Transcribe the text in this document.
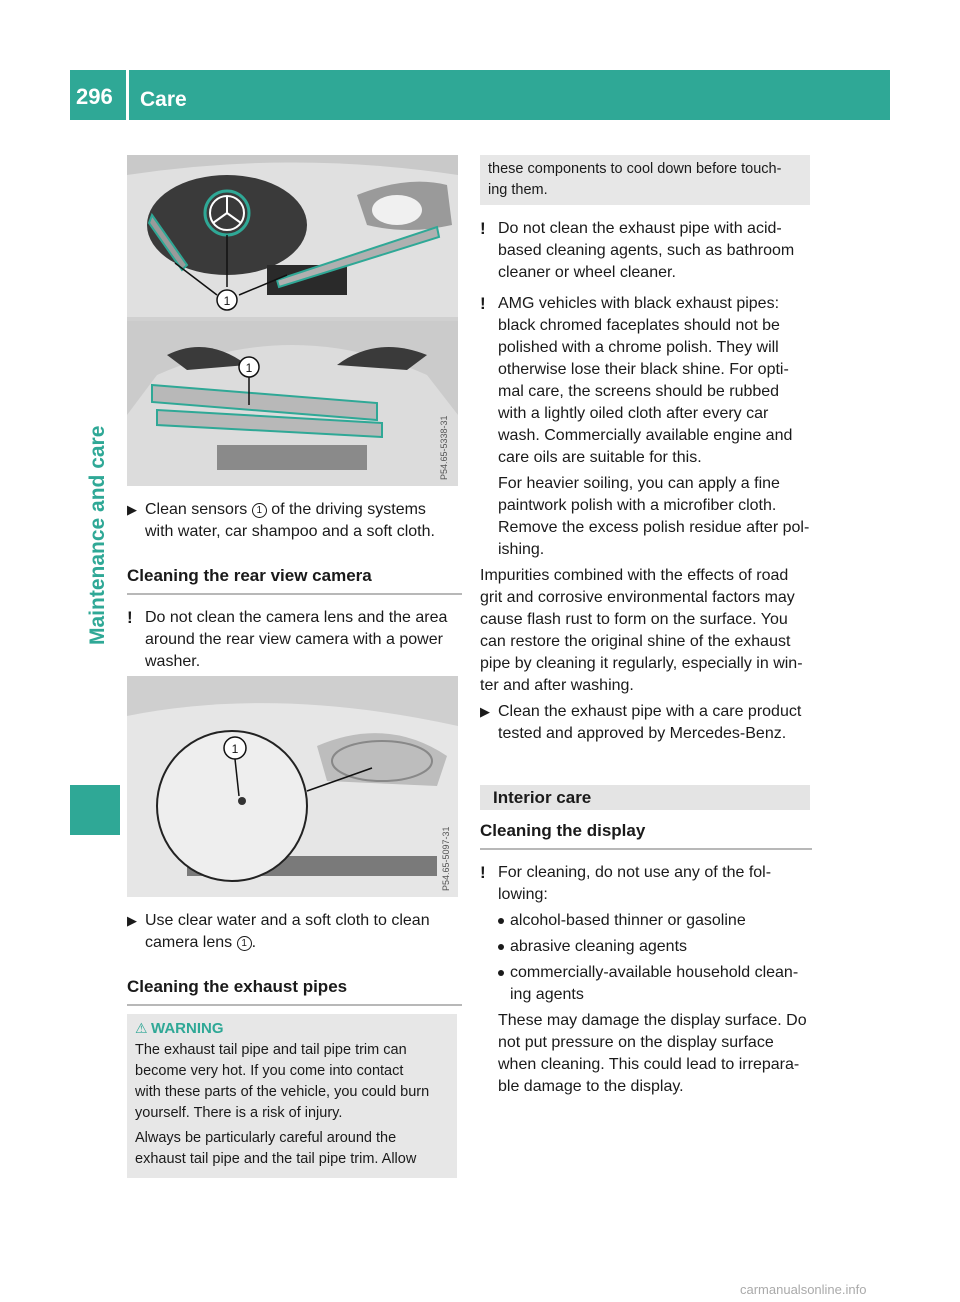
296 Care
Maintenance and care
1
1
P54.65-5338-31
▶ Clean sensors 1 of the driving systems
with water, car shampoo and a soft cloth.
Cleaning the rear view camera
! Do not clean the camera lens and the area
around the rear view camera with a power
washer.
1
P54.65-5097-31
▶ Use clear water and a soft cloth to clean
camera lens 1 .
Cleaning the exhaust pipes
⚠ WARNING
The exhaust tail pipe and tail pipe trim can
become very hot. If you come into contact
with these parts of the vehicle, you could burn
yourself. There is a risk of injury.
Always be particularly careful around the
exhaust tail pipe and the tail pipe trim. Allow
these components to cool down before touch-
ing them.
! Do not clean the exhaust pipe with acid-
based cleaning agents, such as bathroom
cleaner or wheel cleaner.
! AMG vehicles with black exhaust pipes:
black chromed faceplates should not be
polished with a chrome polish. They will
otherwise lose their black shine. For opti-
mal care, the screens should be rubbed
with a lightly oiled cloth after every car
wash. Commercially available engine and
care oils are suitable for this.
For heavier soiling, you can apply a fine
paintwork polish with a microfiber cloth.
Remove the excess polish residue after pol-
ishing.
Impurities combined with the effects of road
grit and corrosive environmental factors may
cause flash rust to form on the surface. You
can restore the original shine of the exhaust
pipe by cleaning it regularly, especially in win-
ter and after washing.
▶ Clean the exhaust pipe with a care product
tested and approved by Mercedes-Benz.
Interior care
Cleaning the display
! For cleaning, do not use any of the fol-
lowing:
alcohol-based thinner or gasoline
abrasive cleaning agents
commercially-available household clean-
ing agents
These may damage the display surface. Do
not put pressure on the display surface
when cleaning. This could lead to irrepara-
ble damage to the display.
carmanualsonline.info
